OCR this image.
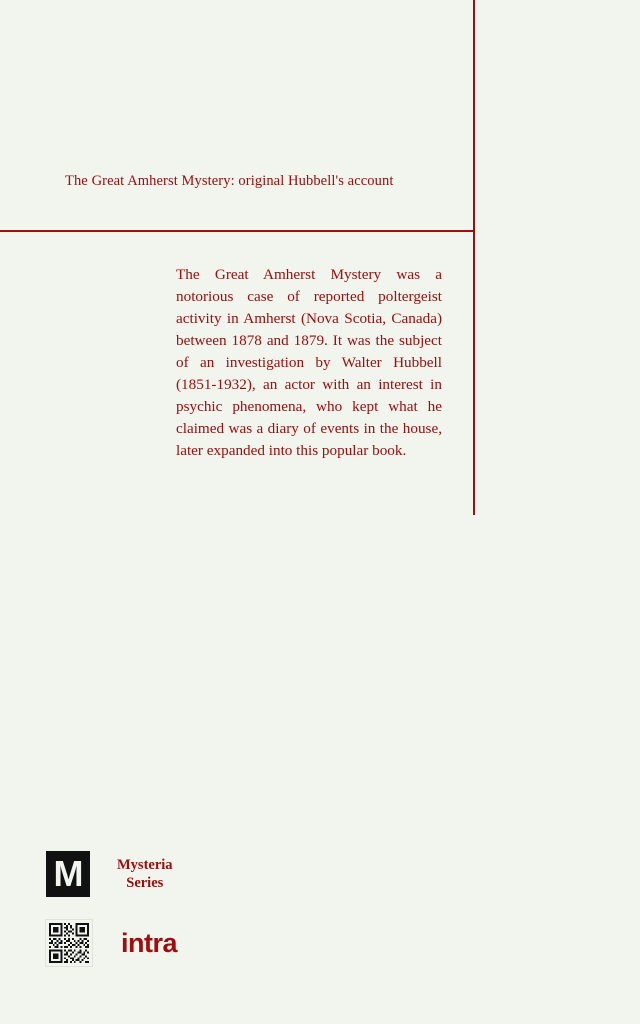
The Great Amherst Mystery: original Hubbell's account
The Great Amherst Mystery was a notorious case of reported poltergeist activity in Amherst (Nova Scotia, Canada) between 1878 and 1879. It was the subject of an investigation by Walter Hubbell (1851-1932), an actor with an interest in psychic phenomena, who kept what he claimed was a diary of events in the house, later expanded into this popular book.
M	Mysteria
Series
intra
